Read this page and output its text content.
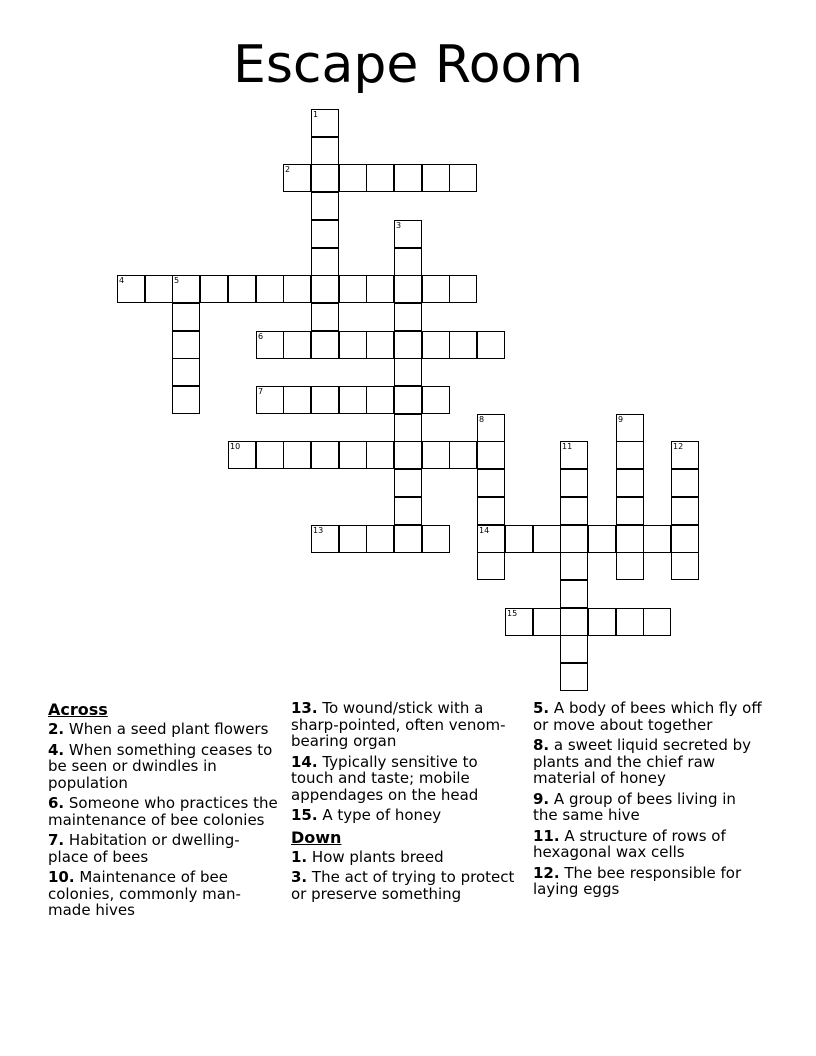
Escape Room
1
2
3
4	5
6
7
8
14
9
10	11	12
13
15
Across
2. When a seed plant flowers
4. When something ceases to be seen or dwindles in population
6. Someone who practices the maintenance of bee colonies
7. Habitation or dwelling-place of bees
10. Maintenance of bee colonies, commonly man-made hives
13. To wound/stick with a sharp-pointed, often venom-bearing organ
14. Typically sensitive to touch and taste; mobile appendages on the head
15. A type of honey
Down
1. How plants breed
3. The act of trying to protect or preserve something
5. A body of bees which fly off or move about together
8. a sweet liquid secreted by plants and the chief raw material of honey
9. A group of bees living in the same hive
11. A structure of rows of hexagonal wax cells
12. The bee responsible for laying eggs
